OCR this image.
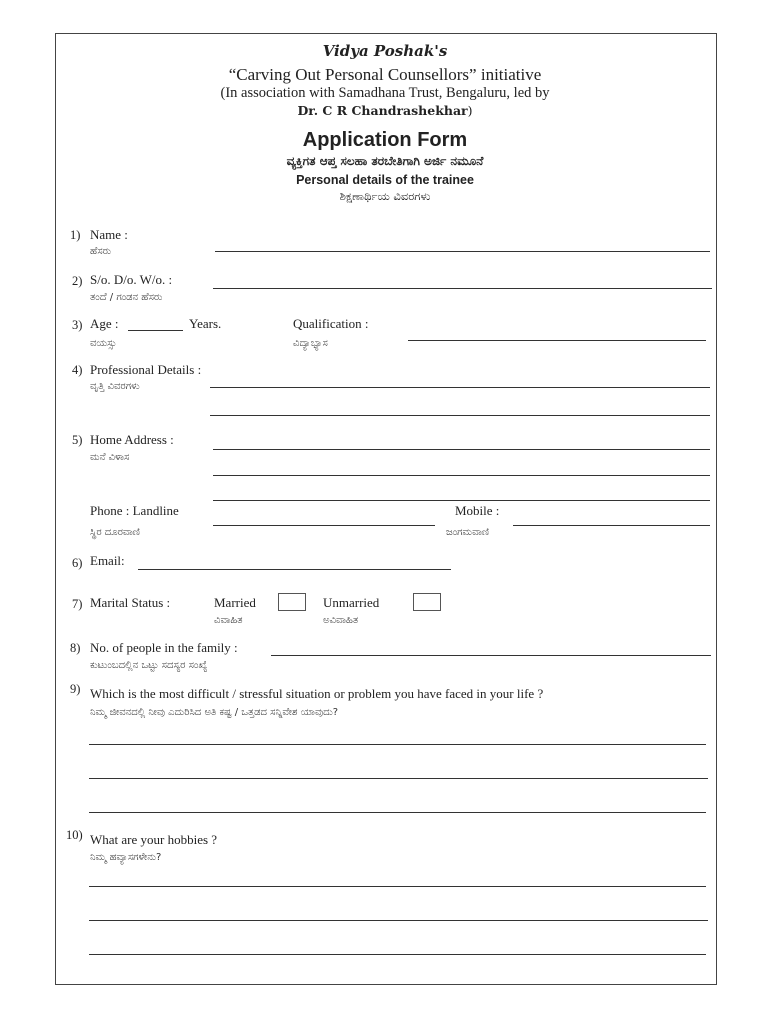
Vidya Poshak's
“Carving Out Personal Counsellors” initiative
(In association with Samadhana Trust, Bengaluru, led by
Dr. C R Chandrashekhar)
Application Form
ವ್ಯಕ್ತಿಗತ ಆಪ್ತ ಸಲಹಾ ತರಬೇತಿಗಾಗಿ ಅರ್ಜಿ ನಮೂನೆ
Personal details of the trainee
ಶಿಕ್ಷಣಾರ್ಥಿಯ ವಿವರಗಳು
1) Name :
ಹೆಸರು
2) S/o. D/o. W/o. :
ತಂದೆ / ಗಂಡನ ಹೆಸರು
3) Age :	Years.
ವಯಸ್ಸು
Qualification :
ವಿದ್ಯಾಭ್ಯಾಸ
4) Professional Details :
ವೃತ್ತಿ ವಿವರಗಳು
5) Home Address :
ಮನೆ ವಿಳಾಸ
Phone : Landline
ಸ್ಥಿರ ದೂರವಾಣಿ
Mobile :
ಜಂಗಮವಾಣಿ
6) Email:
7) Marital Status :	Married
ವಿವಾಹಿತ
Unmarried
ಅವಿವಾಹಿತ
8) No. of people in the family :
ಕುಟುಂಬದಲ್ಲಿನ ಒಟ್ಟು ಸದಸ್ಯರ ಸಂಖ್ಯೆ
9) Which is the most difficult / stressful situation or problem you have faced in your life ?
ನಿಮ್ಮ ಜೀವನದಲ್ಲಿ ನೀವು ಎದುರಿಸಿದ ಅತಿ ಕಷ್ಟ / ಒತ್ತಡದ ಸನ್ನಿವೇಶ ಯಾವುದು?
10) What are your hobbies ?
ನಿಮ್ಮ ಹವ್ಯಾಸಗಳೇನು?
